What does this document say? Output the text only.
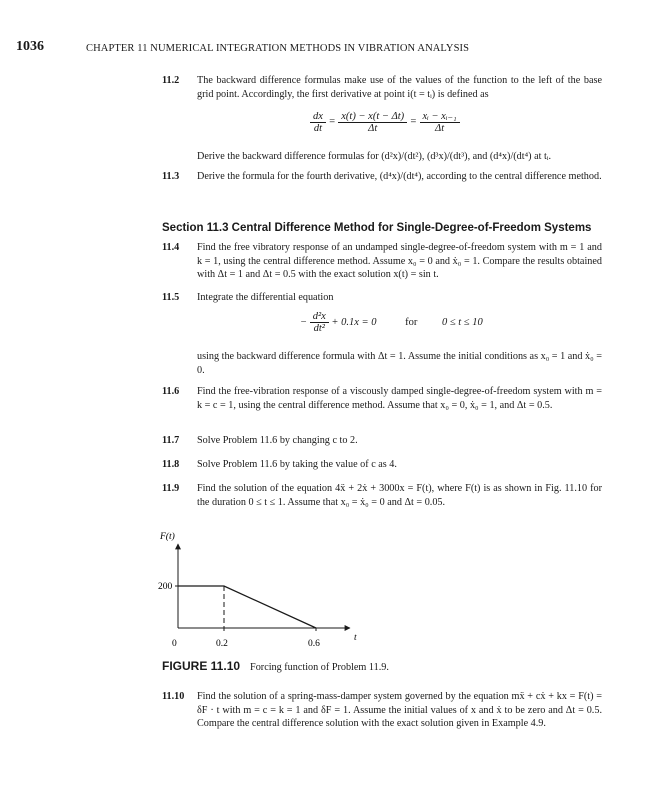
1036	CHAPTER 11 NUMERICAL INTEGRATION METHODS IN VIBRATION ANALYSIS
11.2 The backward difference formulas make use of the values of the function to the left of the base grid point. Accordingly, the first derivative at point i(t = tᵢ) is defined as
$\frac{dx}{dt} = \frac{x(t) - x(t - \Delta t)}{\Delta t} = \frac{\text{xᵢ − xᵢ₋₁}}{\Delta t}$
Derive the backward difference formulas for (d²x)/(dt²), (d³x)/(dt³), and (d⁴x)/(dt⁴) at tᵢ.
11.3 Derive the formula for the fourth derivative, (d⁴x)/(dt⁴), according to the central difference method.
Section 11.3 Central Difference Method for Single-Degree-of-Freedom Systems
11.4 Find the free vibratory response of an undamped single-degree-of-freedom system with m = 1 and k = 1, using the central difference method. Assume x₀ = 0 and ẋ₀ = 1. Compare the results obtained with Δt = 1 and Δt = 0.5 with the exact solution x(t) = sin t.
11.5 Integrate the differential equation
− $\frac{\text{d²x}}{\text{dt²}} + 0.1x = 0$	for 0 ≤ t ≤ 10
using the backward difference formula with Δt = 1. Assume the initial conditions as x₀ = 1 and ẋ₀ = 0.
11.6 Find the free-vibration response of a viscously damped single-degree-of-freedom system with m = k = c = 1, using the central difference method. Assume that x₀ = 0, ẋ₀ = 1, and Δt = 0.5.
11.7 Solve Problem 11.6 by changing c to 2.
11.8 Solve Problem 11.6 by taking the value of c as 4.
11.9 Find the solution of the equation 4ẍ + 2ẋ + 3000x = F(t), where F(t) is as shown in Fig. 11.10 for the duration 0 ≤ t ≤ 1. Assume that x₀ = ẋ₀ = 0 and Δt = 0.05.
F(t)
t
0
200
0.2	0.6
FIGURE 11.10 Forcing function of Problem 11.9.
11.10 Find the solution of a spring-mass-damper system governed by the equation mẍ + cẋ + kx = F(t) = δF · t with m = c = k = 1 and δF = 1. Assume the initial values of x and ẋ to be zero and Δt = 0.5. Compare the central difference solution with the exact solution given in Example 4.9.
